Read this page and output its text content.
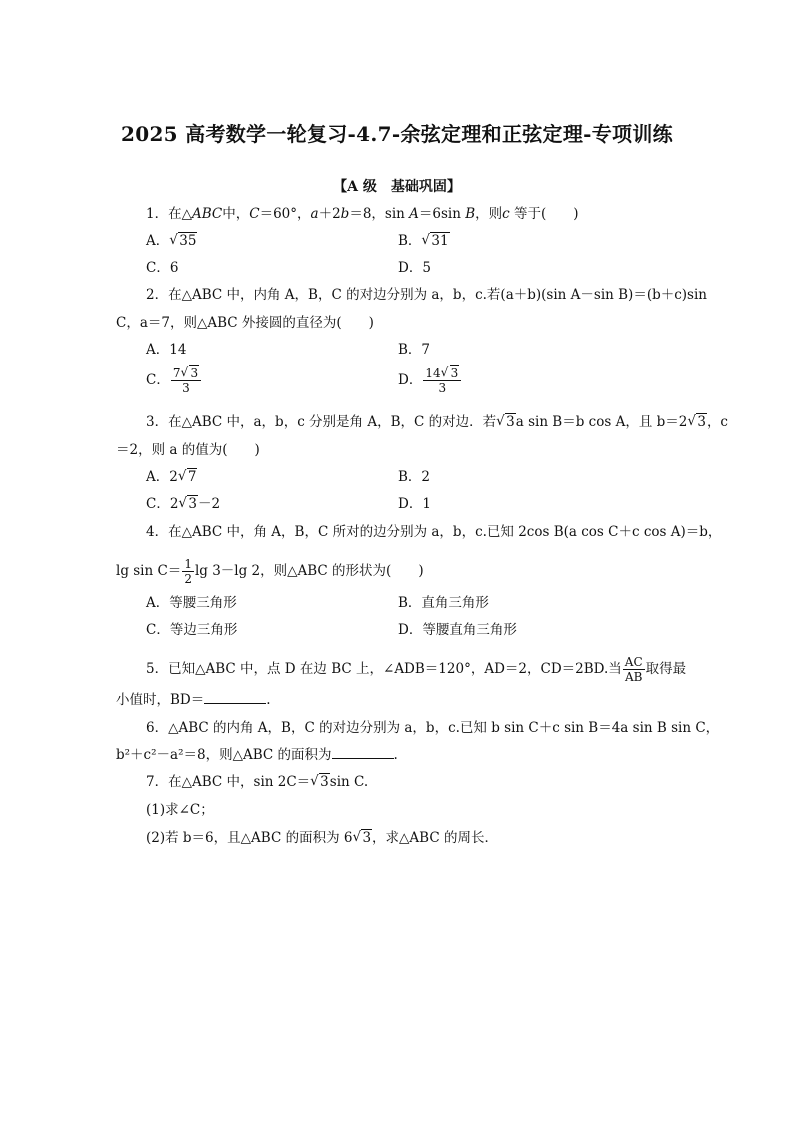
2025 高考数学一轮复习-4.7-余弦定理和正弦定理-专项训练
【A 级　基础巩固】
1．在△ABC中，C＝60°，a＋2b＝8，sin A＝6sin B，则c 等于(　　)
A． √ 35	B． √ 31
C．6	D．5
2．在△ABC 中，内角 A，B，C 的对边分别为 a，b，c.若(a＋b)(sin A－sin B)＝(b＋c)sin
C，a＝7，则△ABC 外接圆的直径为(　　)
A．14	B．7
C． $\frac{7 √ 3}{3}$	D． $\frac{14 √ 3}{3}$
3．在△ABC 中，a，b，c 分别是角 A，B，C 的对边．若 √ 3a sin B＝b cos A，且 b＝2 √ 3，c
＝2，则 a 的值为(　　)
A．2 √ 7	B．2
C．2 √ 3－2	D．1
4．在△ABC 中，角 A，B，C 所对的边分别为 a，b，c.已知 2cos B(a cos C＋c cos A)＝b，
$\lg \sin C= \frac{1}{2}$ lg 3－lg 2，则△ABC 的形状为(　　)
A．等腰三角形	B．直角三角形
C．等边三角形	D．等腰直角三角形
5．已知△ABC 中，点 D 在边 BC 上，∠ADB＝120°，AD＝2，CD＝2BD.当 $\frac{AC}{AB}$ 取得最
小值时，BD＝	.
6．△ABC 的内角 A，B，C 的对边分别为 a，b，c.已知 b sin C＋c sin B＝4a sin B sin C，
b²＋c²－a²＝8，则△ABC 的面积为	.
7．在△ABC 中，sin 2C＝ √ 3sin C.
(1)求∠C；
(2)若 b＝6，且△ABC 的面积为 6 √ 3，求△ABC 的周长．
